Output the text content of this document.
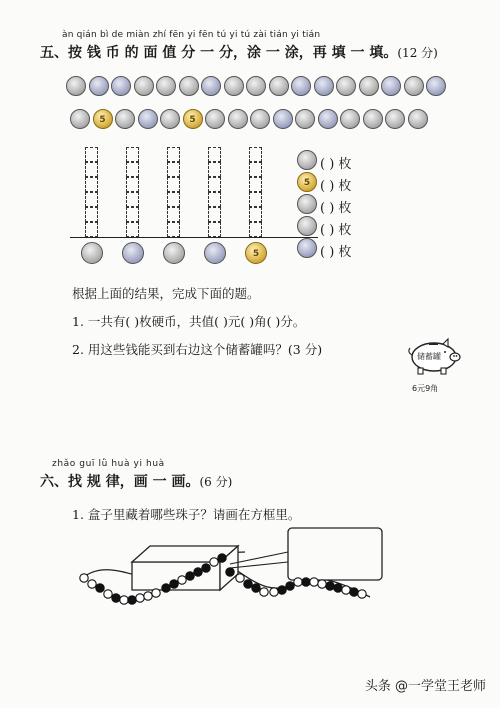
àn qián bì de miàn zhí fēn yi fēn tú yi tú zài tián yi tián
五、按 钱 币 的 面 值 分 一 分，涂 一 涂，再 填 一 填。(12 分)
5	5
5
( ) 枚
5 ( ) 枚
( ) 枚
( ) 枚
( ) 枚
根据上面的结果，完成下面的题。
1. 一共有( )枚硬币，共值( )元( )角( )分。
2. 用这些钱能买到右边这个储蓄罐吗？(3 分)	储蓄罐
6元9角
zhǎo guī lǜ huà yi huà
六、找 规 律，画 一 画。(6 分)
1. 盒子里藏着哪些珠子？请画在方框里。
头条 @一学堂王老师
